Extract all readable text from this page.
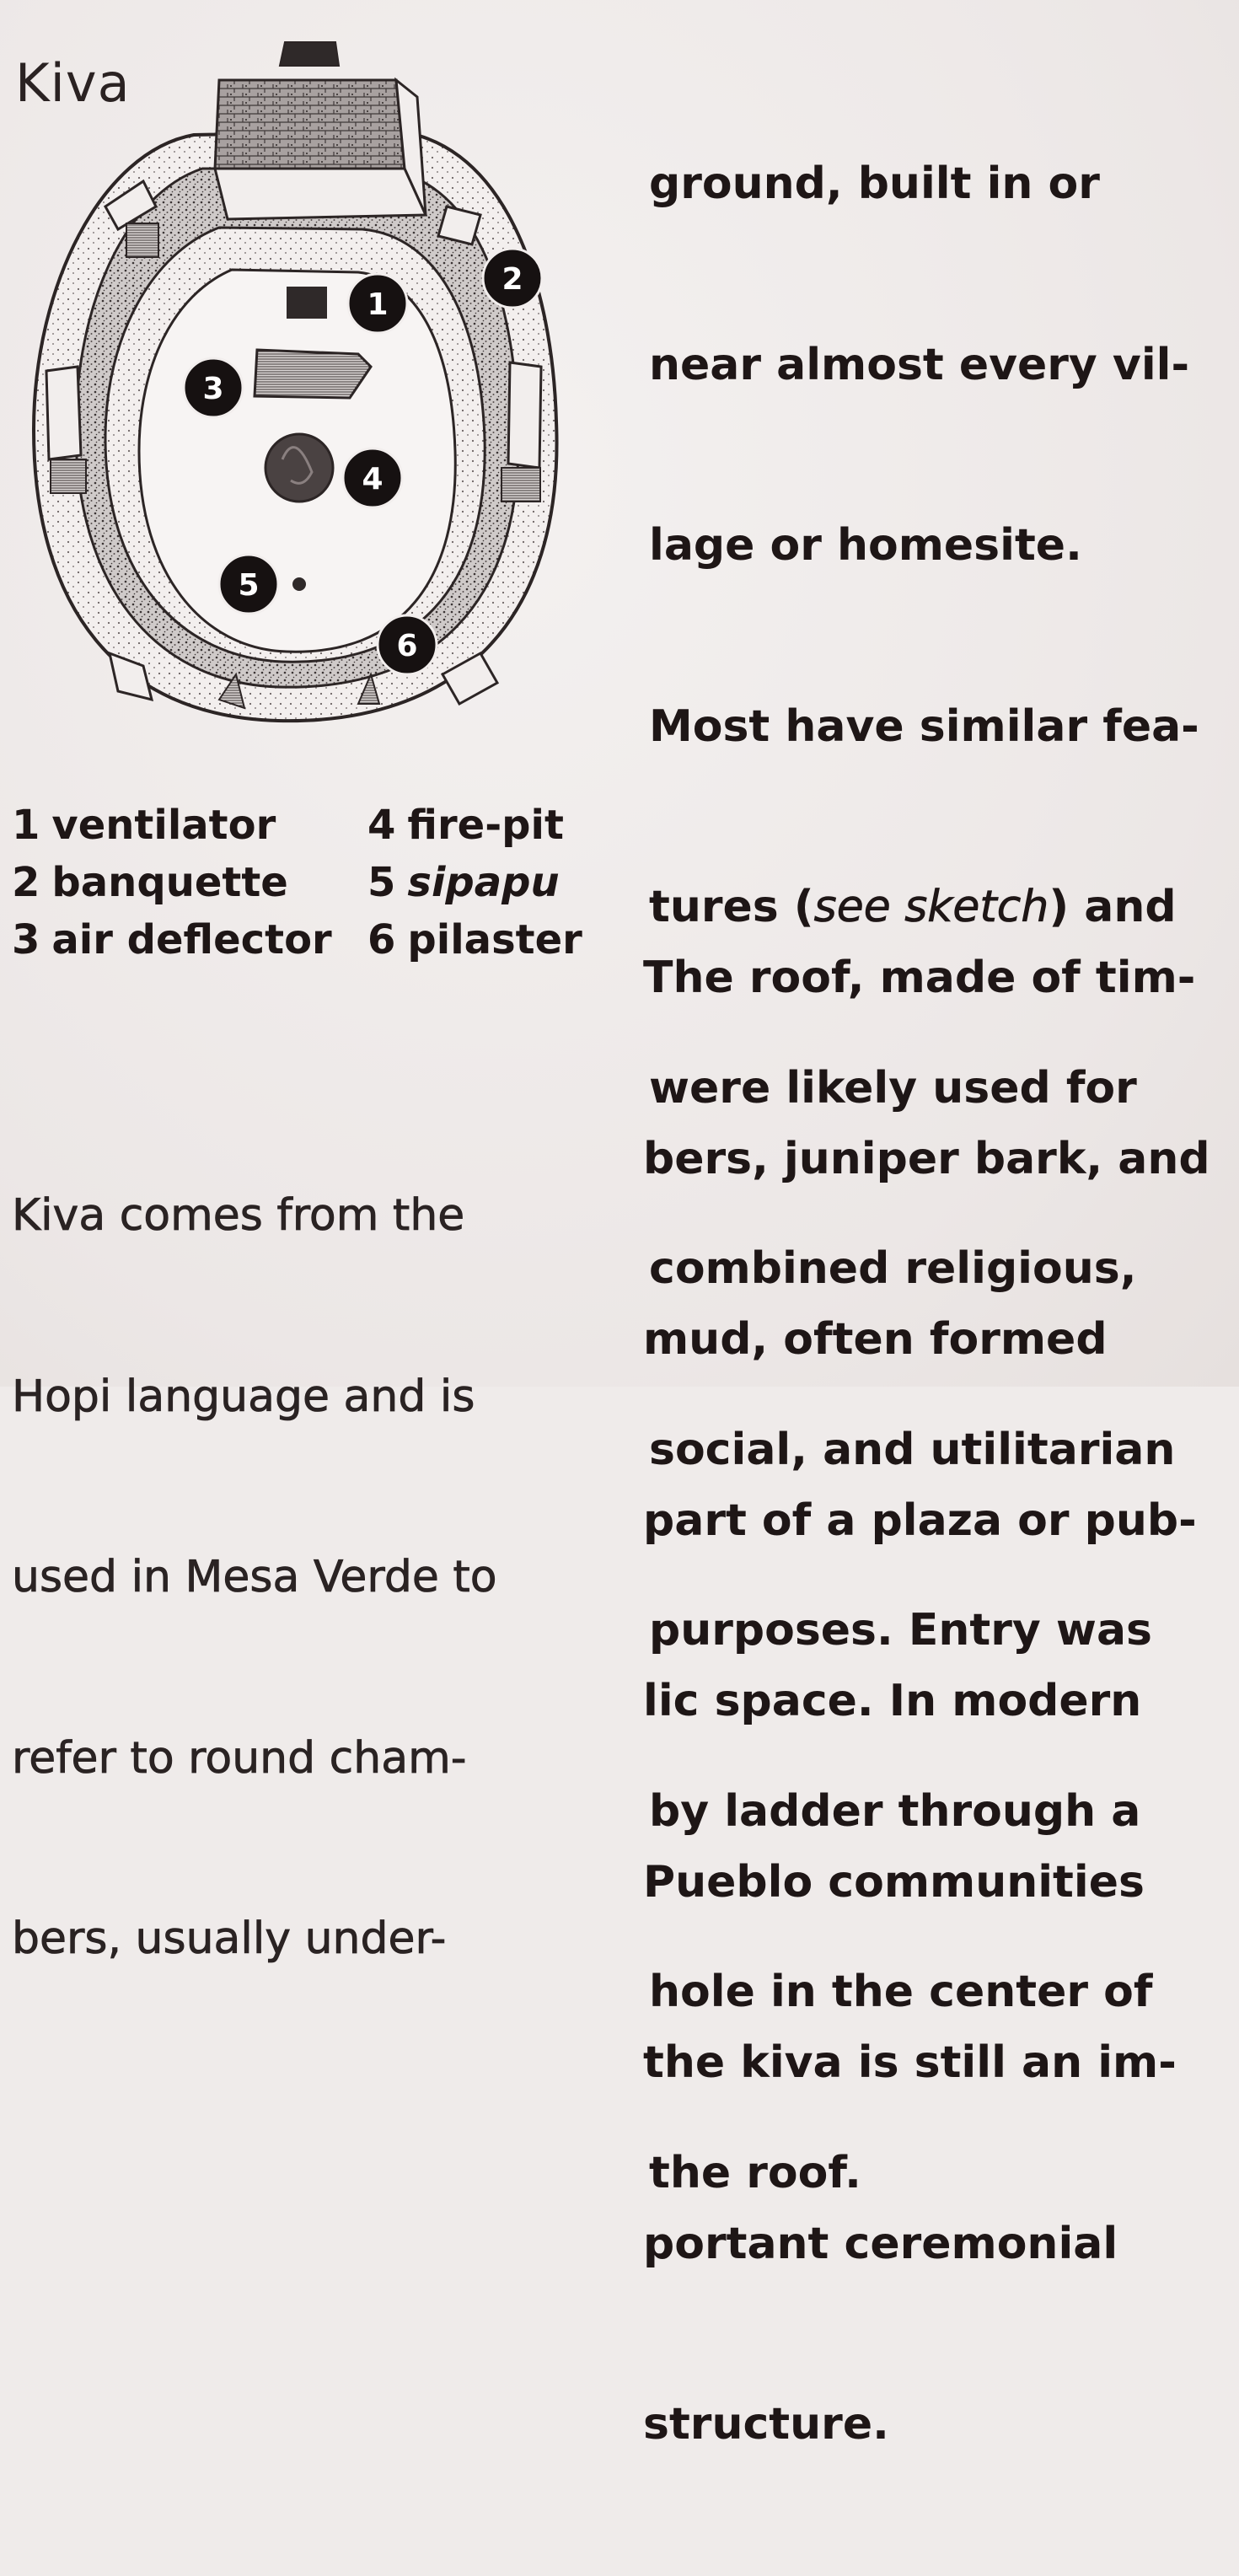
Kiva
1
2
3
4
5
6
1 ventilator
2 banquette
3 air deflector
4 fire-pit
5 sipapu
6 pilaster

Kiva comes from the

Hopi language and is

used in Mesa Verde to

refer to round cham-

bers, usually under-

ground, built in or

near almost every vil-

lage or homesite.

Most have similar fea-

tures (see sketch) and

were likely used for

combined religious,

social, and utilitarian

purposes. Entry was

by ladder through a

hole in the center of

the roof.

The roof, made of tim-

bers, juniper bark, and

mud, often formed

part of a plaza or pub-

lic space. In modern

Pueblo communities

the kiva is still an im-

portant ceremonial

structure.
